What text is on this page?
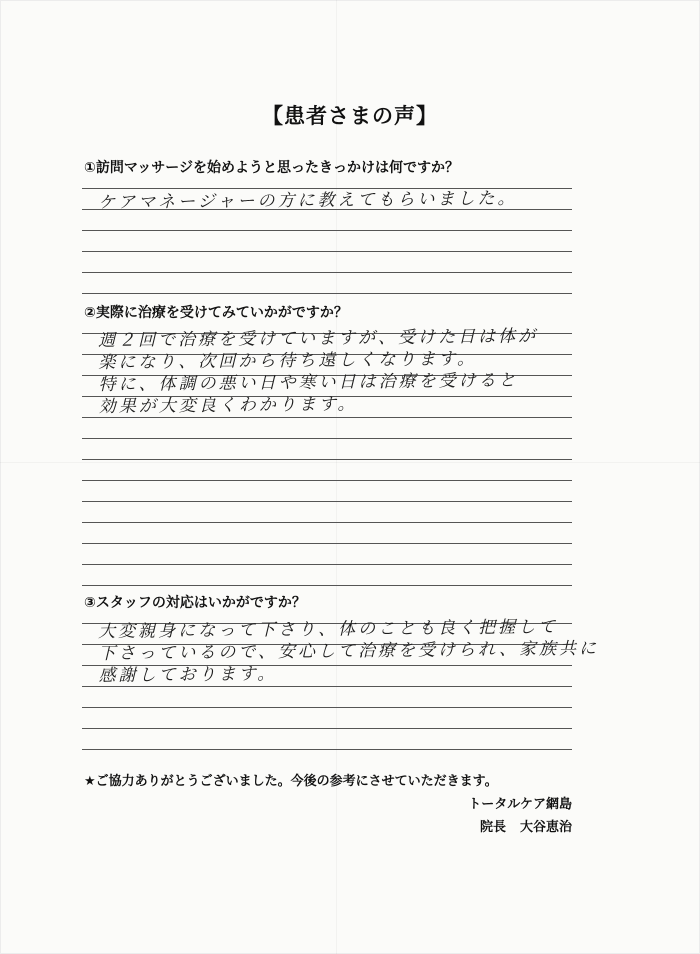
【患者さまの声】
①訪問マッサージを始めようと思ったきっかけは何ですか？

ケアマネージャーの方に教えてもらいました。

②実際に治療を受けてみていかがですか？

週２回で治療を受けていますが、受けた日は体が

楽になり、次回から待ち遠しくなります。

特に、体調の悪い日や寒い日は治療を受けると

効果が大変良くわかります。

③スタッフの対応はいかがですか？

大変親身になって下さり、体のことも良く把握して

下さっているので、安心して治療を受けられ、家族共に

感謝しております。

★ご協力ありがとうございました。今後の参考にさせていただきます。
トータルケア網島
院長 大谷恵治
